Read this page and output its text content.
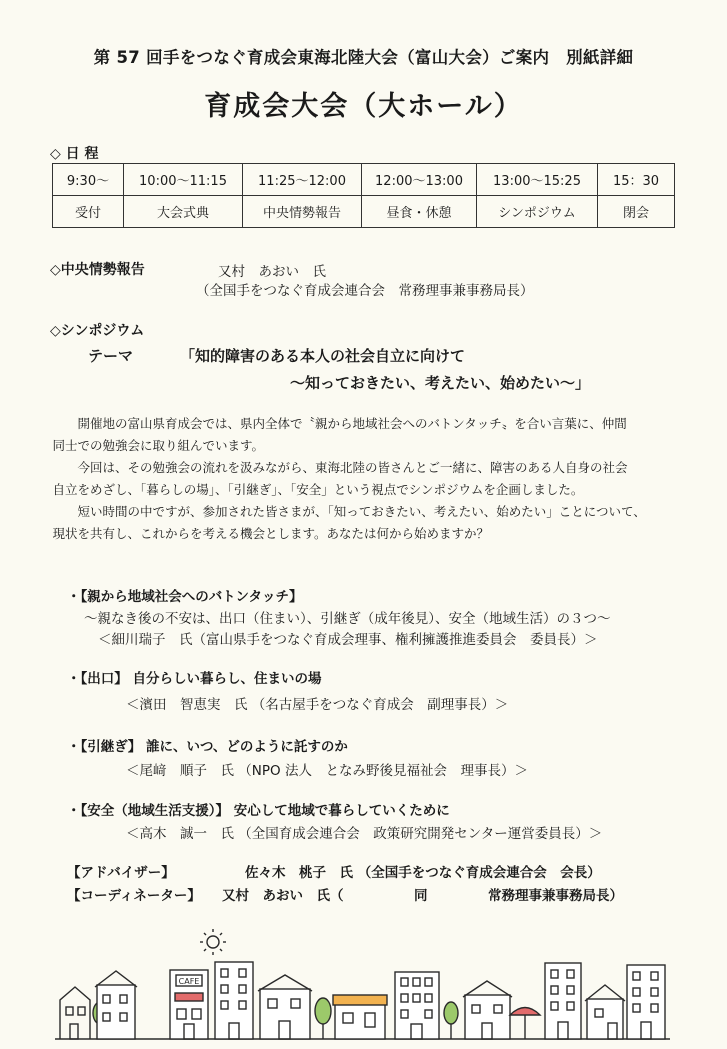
第 57 回手をつなぐ育成会東海北陸大会（富山大会）ご案内　別紙詳細
育成会大会（大ホール）
◇ 日 程
9:30～	10:00～11:15	11:25～12:00	12:00～13:00	13:00～15:25	15：30
受付	大会式典	中央情勢報告	昼食・休憩	シンポジウム	閉会
◇中央情勢報告	又村　あおい　氏
（全国手をつなぐ育成会連合会　常務理事兼事務局長）
◇シンポジウム
テーマ	「知的障害のある本人の社会自立に向けて
～知っておきたい、考えたい、始めたい～」

開催地の富山県育成会では、県内全体で〝親から地域社会へのバトンタッチ〟を合い言葉に、仲間
同士での勉強会に取り組んでいます。

今回は、その勉強会の流れを汲みながら、東海北陸の皆さんとご一緒に、障害のある人自身の社会
自立をめざし、「暮らしの場」、「引継ぎ」、「安全」という視点でシンポジウムを企画しました。

短い時間の中ですが、参加された皆さまが、「知っておきたい、考えたい、始めたい」ことについて、
現状を共有し、これからを考える機会とします。あなたは何から始めますか？

・【親から地域社会へのバトンタッチ】
～親なき後の不安は、出口（住まい）、引継ぎ（成年後見）、安全（地域生活）の３つ～
＜細川瑞子　氏（富山県手をつなぐ育成会理事、権利擁護推進委員会　委員長）＞
・【出口】 自分らしい暮らし、住まいの場
＜濱田　智恵実　氏 （名古屋手をつなぐ育成会　副理事長）＞
・【引継ぎ】 誰に、いつ、どのように託すのか
＜尾﨑　順子　氏 （NPO 法人　となみ野後見福祉会　理事長）＞
・【安全（地域生活支援）】 安心して地域で暮らしていくために
＜高木　誠一　氏 （全国育成会連合会　政策研究開発センター運営委員長）＞
【アドバイザー】	佐々木　桃子　氏 （全国手をつなぐ育成会連合会　会長）
【コーディネーター】 又村　あおい　氏（	同	常務理事兼事務局長）
CAFE
